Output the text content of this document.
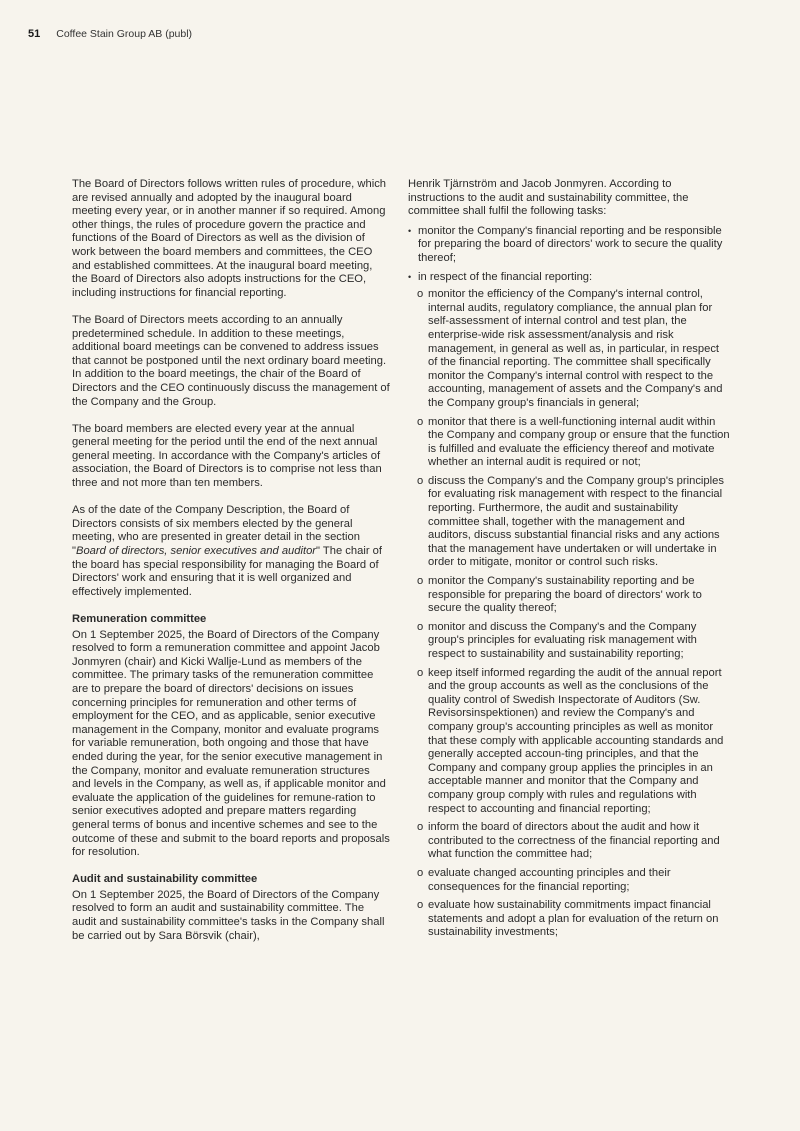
51 Coffee Stain Group AB (publ)

The Board of Directors follows written rules of procedure, which are revised annually and adopted by the inaugural board meeting every year, or in another manner if so required. Among other things, the rules of procedure govern the practice and functions of the Board of Directors as well as the division of work between the board members and committees, the CEO and established committees. At the inaugural board meeting, the Board of Directors also adopts instructions for the CEO, including instructions for financial reporting.

The Board of Directors meets according to an annually predetermined schedule. In addition to these meetings, additional board meetings can be convened to address issues that cannot be postponed until the next ordinary board meeting. In addition to the board meetings, the chair of the Board of Directors and the CEO continuously discuss the management of the Company and the Group.

The board members are elected every year at the annual general meeting for the period until the end of the next annual general meeting. In accordance with the Company's articles of association, the Board of Directors is to comprise not less than three and not more than ten members.

As of the date of the Company Description, the Board of Directors consists of six members elected by the general meeting, who are presented in greater detail in the section "Board of directors, senior executives and auditor" The chair of the board has special responsibility for managing the Board of Directors' work and ensuring that it is well organized and effectively implemented.

Remuneration committee

On 1 September 2025, the Board of Directors of the Company resolved to form a remuneration committee and appoint Jacob Jonmyren (chair) and Kicki Wallje-Lund as members of the committee. The primary tasks of the remuneration committee are to prepare the board of directors' decisions on issues concerning principles for remuneration and other terms of employment for the CEO, and as applicable, senior executive management in the Company, monitor and evaluate programs for variable remuneration, both ongoing and those that have ended during the year, for the senior executive management in the Company, monitor and evaluate remuneration structures and levels in the Company, as well as, if applicable monitor and evaluate the application of the guidelines for remune-ration to senior executives adopted and prepare matters regarding general terms of bonus and incentive schemes and see to the outcome of these and submit to the board reports and proposals for resolution.

Audit and sustainability committee

On 1 September 2025, the Board of Directors of the Company resolved to form an audit and sustainability committee. The audit and sustainability committee's tasks in the Company shall be carried out by Sara Börsvik (chair),

Henrik Tjärnström and Jacob Jonmyren. According to instructions to the audit and sustainability committee, the committee shall fulfil the following tasks:

• monitor the Company's financial reporting and be responsible for preparing the board of directors' work to secure the quality thereof;
• in respect of the financial reporting:
o monitor the efficiency of the Company's internal control, internal audits, regulatory compliance, the annual plan for self-assessment of internal control and test plan, the enterprise-wide risk assessment/analysis and risk management, in general as well as, in particular, in respect of the financial reporting. The committee shall specifically monitor the Company's internal control with respect to the accounting, management of assets and the Company's and the Company group's financials in general;
o monitor that there is a well-functioning internal audit within the Company and company group or ensure that the function is fulfilled and evaluate the efficiency thereof and motivate whether an internal audit is required or not;
o discuss the Company's and the Company group's principles for evaluating risk management with respect to the financial reporting. Furthermore, the audit and sustainability committee shall, together with the management and auditors, discuss substantial financial risks and any actions that the management have undertaken or will undertake in order to mitigate, monitor or control such risks.
o monitor the Company's sustainability reporting and be responsible for preparing the board of directors' work to secure the quality thereof;
o monitor and discuss the Company's and the Company group's principles for evaluating risk management with respect to sustainability and sustainability reporting;
o keep itself informed regarding the audit of the annual report and the group accounts as well as the conclusions of the quality control of Swedish Inspectorate of Auditors (Sw. Revisorsinspektionen) and review the Company's and company group's accounting principles as well as monitor that these comply with applicable accounting standards and generally accepted accoun-ting principles, and that the Company and company group applies the principles in an acceptable manner and monitor that the Company and company group comply with rules and regulations with respect to accounting and financial reporting;
o inform the board of directors about the audit and how it contributed to the correctness of the financial reporting and what function the committee had;
o evaluate changed accounting principles and their consequences for the financial reporting;
o evaluate how sustainability commitments impact financial statements and adopt a plan for evaluation of the return on sustainability investments;
